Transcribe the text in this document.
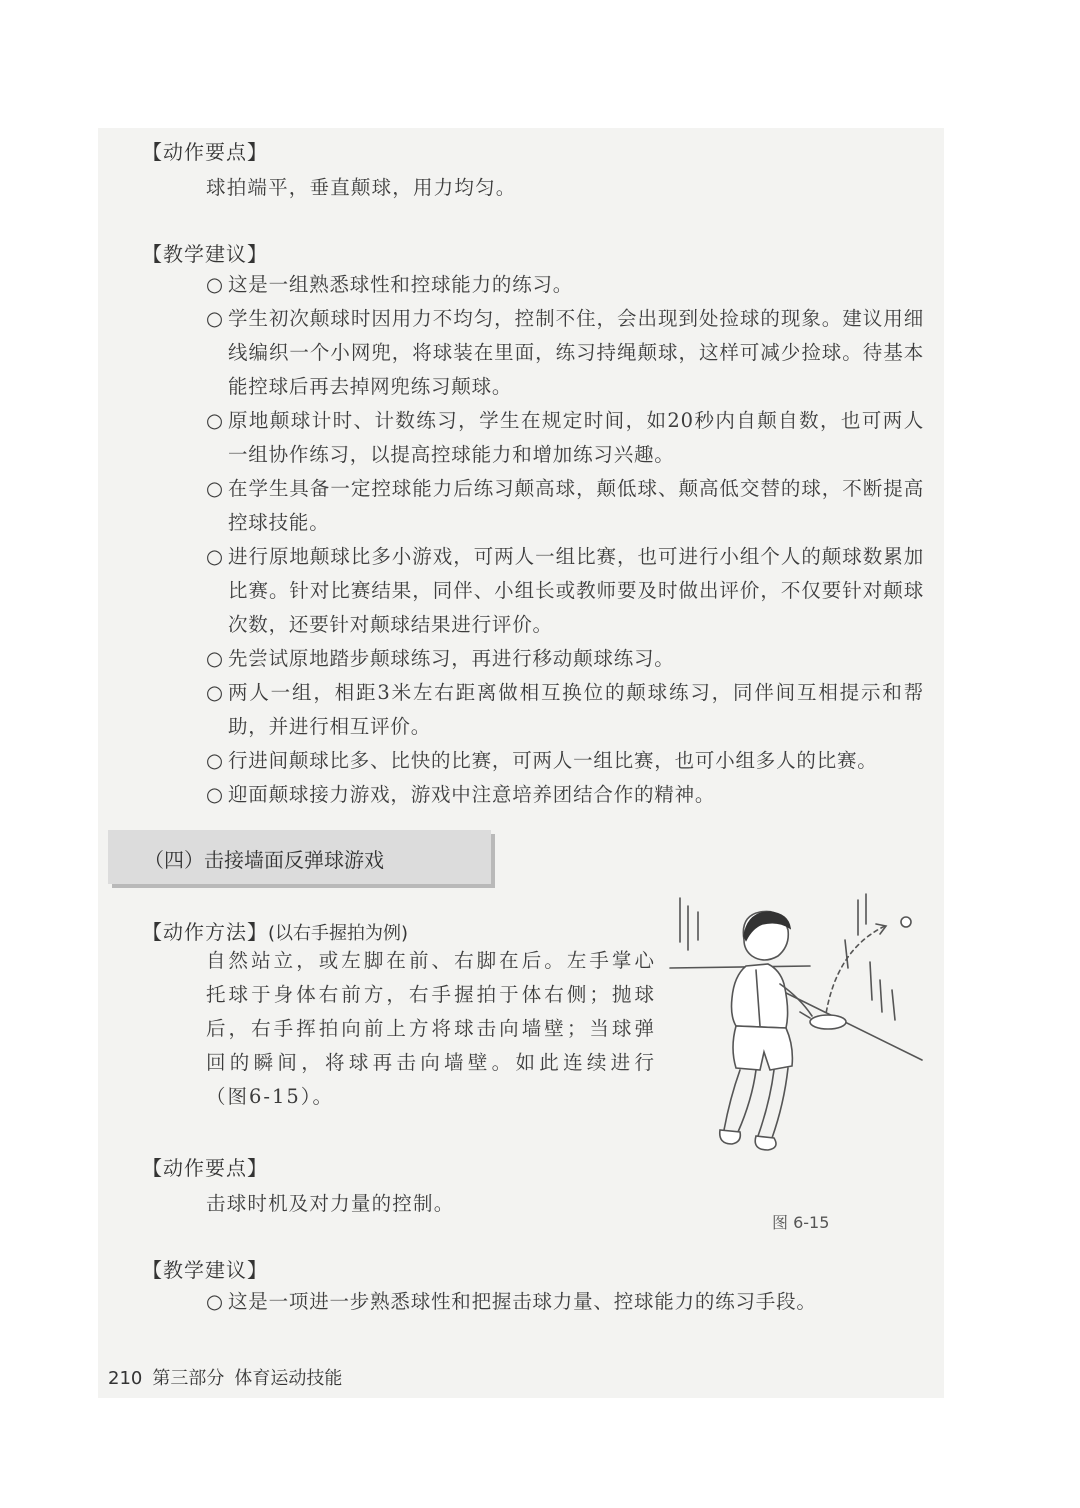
【动作要点】
球拍端平，垂直颠球，用力均匀。
【教学建议】
○ 这是一组熟悉球性和控球能力的练习。
○ 学生初次颠球时因用力不均匀，控制不住，会出现到处捡球的现象。建议用细线编织一个小网兜，将球装在里面，练习持绳颠球，这样可减少捡球。待基本能控球后再去掉网兜练习颠球。
○ 原地颠球计时、计数练习，学生在规定时间，如20秒内自颠自数，也可两人一组协作练习，以提高控球能力和增加练习兴趣。
○ 在学生具备一定控球能力后练习颠高球，颠低球、颠高低交替的球，不断提高控球技能。
○ 进行原地颠球比多小游戏，可两人一组比赛，也可进行小组个人的颠球数累加比赛。针对比赛结果，同伴、小组长或教师要及时做出评价，不仅要针对颠球次数，还要针对颠球结果进行评价。
○ 先尝试原地踏步颠球练习，再进行移动颠球练习。
○ 两人一组，相距3米左右距离做相互换位的颠球练习，同伴间互相提示和帮助，并进行相互评价。
○ 行进间颠球比多、比快的比赛，可两人一组比赛，也可小组多人的比赛。
○ 迎面颠球接力游戏，游戏中注意培养团结合作的精神。
（四）击接墙面反弹球游戏
【动作方法】(以右手握拍为例)
自然站立，或左脚在前、右脚在后。左手掌心托球于身体右前方，右手握拍于体右侧；抛球后，右手挥拍向前上方将球击向墙壁；当球弹回的瞬间，将球再击向墙壁。如此连续进行（图6-15）。
图 6-15
【动作要点】
击球时机及对力量的控制。
【教学建议】
○ 这是一项进一步熟悉球性和把握击球力量、控球能力的练习手段。
210 第三部分 体育运动技能
